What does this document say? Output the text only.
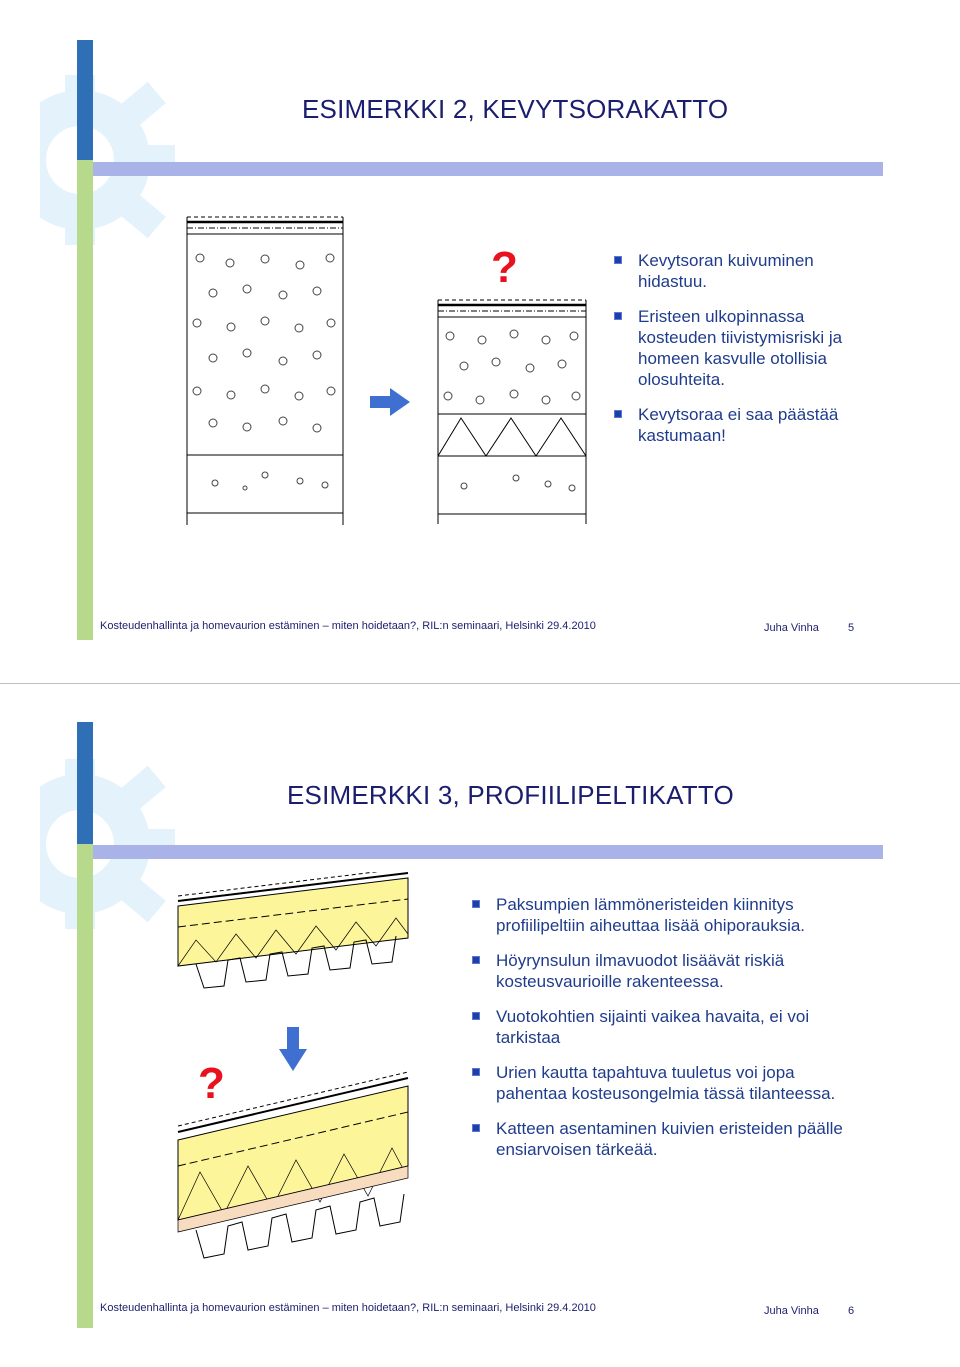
ESIMERKKI 2, KEVYTSORAKATTO
?	Kevytsoran kuivuminen hidastuu.
Eristeen ulkopinnassa kosteuden tiivistymisriski ja homeen kasvulle otollisia olosuhteita.
Kevytsoraa ei saa päästää kastumaan!
Kosteudenhallinta ja homevaurion estäminen – miten hoidetaan?, RIL:n seminaari, Helsinki 29.4.2010	Juha Vinha	5
ESIMERKKI 3, PROFIILIPELTIKATTO
?
Paksumpien lämmöneristeiden kiinnitys profiilipeltiin aiheuttaa lisää ohiporauksia.
Höyrynsulun ilmavuodot lisäävät riskiä kosteusvaurioille rakenteessa.
Vuotokohtien sijainti vaikea havaita, ei voi tarkistaa
Urien kautta tapahtuva tuuletus voi jopa pahentaa kosteusongelmia tässä tilanteessa.
Katteen asentaminen kuivien eristeiden päälle ensiarvoisen tärkeää.
Kosteudenhallinta ja homevaurion estäminen – miten hoidetaan?, RIL:n seminaari, Helsinki 29.4.2010	Juha Vinha	6
